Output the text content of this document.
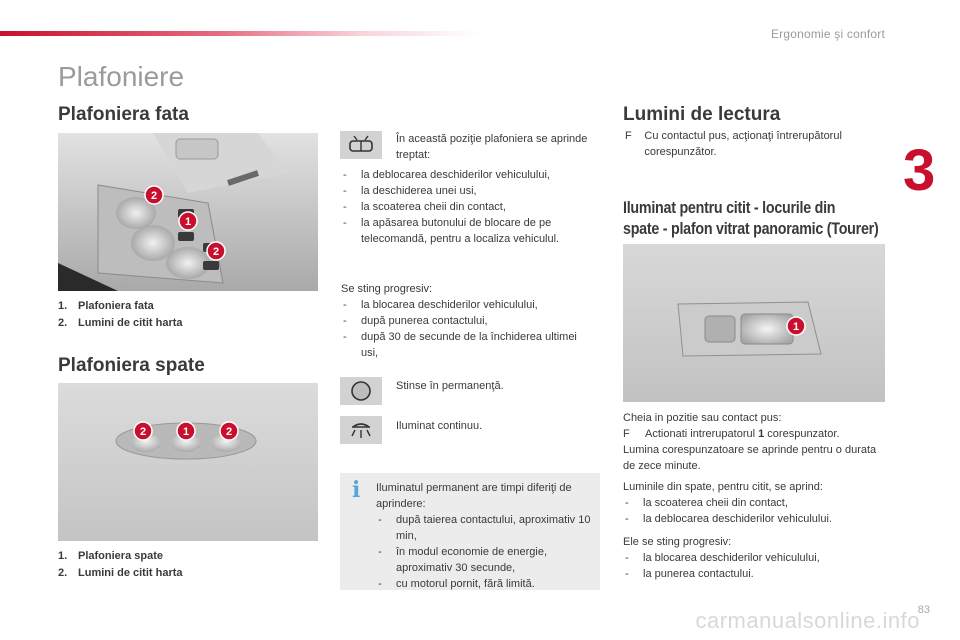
Ergonomie şi confort
3
Plafoniere
Plafoniera fata
2
1
2
1. Plafoniera fata
2. Lumini de citit harta
Plafoniera spate
2	1	2
1. Plafoniera spate
2. Lumini de citit harta
În această poziţie plafoniera se aprinde treptat:
- la deblocarea deschiderilor vehiculului,
- la deschiderea unei usi,
- la scoaterea cheii din contact,
- la apăsarea butonului de blocare de pe telecomandă, pentru a localiza vehiculul.
Se sting progresiv:
- la blocarea deschiderilor vehiculului,
- după punerea contactului,
- după 30 de secunde de la închiderea ultimei usi,
Stinse în permanenţă.
Iluminat continuu.
i Iluminatul permanent are timpi diferiţi de aprindere:
- după taierea contactului, aproximativ 10 min,
- în modul economie de energie, aproximativ 30 secunde,
- cu motorul pornit, fără limită.
Lumini de lectura
F	Cu contactul pus, acţionaţi întrerupătorul corespunzător.
Iluminat pentru citit - locurile din
spate - plafon vitrat panoramic (Tourer)
1
Cheia in pozitie sau contact pus:
F	Actionati intrerupatorul 1 corespunzator.
Lumina corespunzatoare se aprinde pentru o durata de zece minute.
Luminile din spate, pentru citit, se aprind:
- la scoaterea cheii din contact,
- la deblocarea deschiderilor vehiculului.
Ele se sting progresiv:
- la blocarea deschiderilor vehiculului,
- la punerea contactului.
83
carmanualsonline.info
